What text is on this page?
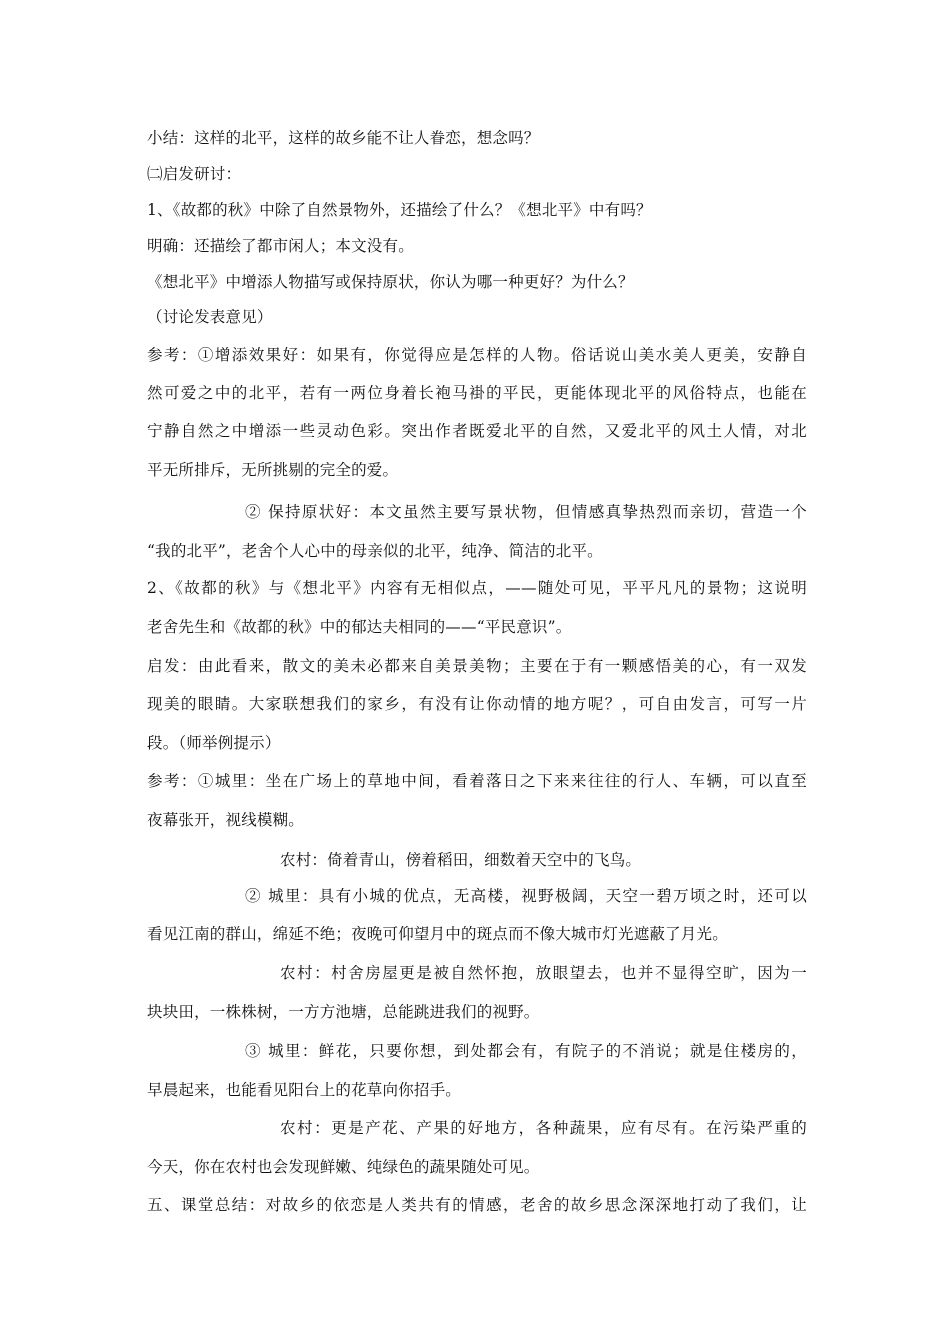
小结：这样的北平，这样的故乡能不让人眷恋，想念吗？
㈡启发研讨：
1、《故都的秋》中除了自然景物外，还描绘了什么？《想北平》中有吗？
明确：还描绘了都市闲人；本文没有。
《想北平》中增添人物描写或保持原状，你认为哪一种更好？为什么？
（讨论发表意见）
参考：①增添效果好：如果有，你觉得应是怎样的人物。俗话说山美水美人更美，安静自
然可爱之中的北平，若有一两位身着长袍马褂的平民，更能体现北平的风俗特点，也能在
宁静自然之中增添一些灵动色彩。突出作者既爱北平的自然，又爱北平的风土人情，对北
平无所排斥，无所挑剔的完全的爱。
② 保持原状好：本文虽然主要写景状物，但情感真挚热烈而亲切，营造一个
“我的北平”，老舍个人心中的母亲似的北平，纯净、简洁的北平。
2、《故都的秋》与《想北平》内容有无相似点，——随处可见，平平凡凡的景物；这说明
老舍先生和《故都的秋》中的郁达夫相同的——“平民意识”。
启发：由此看来，散文的美未必都来自美景美物；主要在于有一颗感悟美的心，有一双发
现美的眼睛。大家联想我们的家乡，有没有让你动情的地方呢？，可自由发言，可写一片
段。（师举例提示）
参考：①城里：坐在广场上的草地中间，看着落日之下来来往往的行人、车辆，可以直至
夜幕张开，视线模糊。
农村：倚着青山，傍着稻田，细数着天空中的飞鸟。
② 城里：具有小城的优点，无高楼，视野极阔，天空一碧万顷之时，还可以
看见江南的群山，绵延不绝；夜晚可仰望月中的斑点而不像大城市灯光遮蔽了月光。
农村：村舍房屋更是被自然怀抱，放眼望去，也并不显得空旷，因为一
块块田，一株株树，一方方池塘，总能跳进我们的视野。
③ 城里：鲜花，只要你想，到处都会有，有院子的不消说；就是住楼房的，
早晨起来，也能看见阳台上的花草向你招手。
农村：更是产花、产果的好地方，各种蔬果，应有尽有。在污染严重的
今天，你在农村也会发现鲜嫩、纯绿色的蔬果随处可见。
五、课堂总结：对故乡的依恋是人类共有的情感，老舍的故乡思念深深地打动了我们，让
